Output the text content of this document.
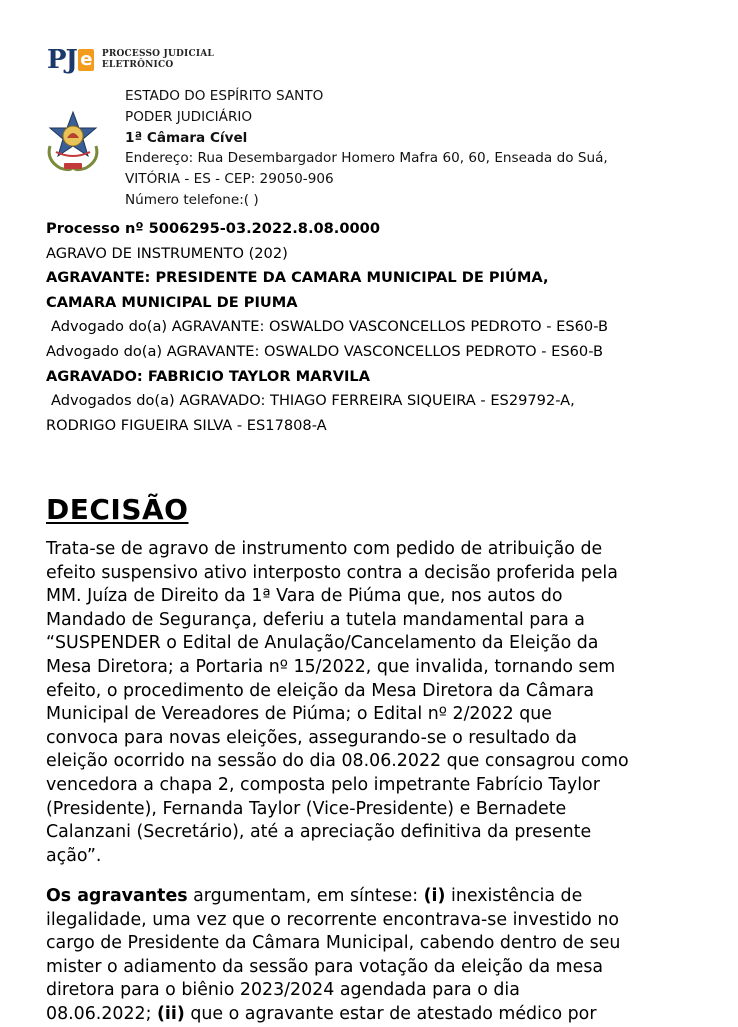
PJ e PROCESSO JUDICIAL
ELETRÔNICO
ESTADO DO ESPÍRITO SANTO
PODER JUDICIÁRIO
1ª Câmara Cível
Endereço: Rua Desembargador Homero Mafra 60, 60, Enseada do Suá,
VITÓRIA - ES - CEP: 29050-906
Número telefone:( )
Processo nº 5006295-03.2022.8.08.0000
AGRAVO DE INSTRUMENTO (202)
AGRAVANTE: PRESIDENTE DA CAMARA MUNICIPAL DE PIÚMA,
CAMARA MUNICIPAL DE PIUMA
Advogado do(a) AGRAVANTE: OSWALDO VASCONCELLOS PEDROTO - ES60-B
Advogado do(a) AGRAVANTE: OSWALDO VASCONCELLOS PEDROTO - ES60-B
AGRAVADO: FABRICIO TAYLOR MARVILA
Advogados do(a) AGRAVADO: THIAGO FERREIRA SIQUEIRA - ES29792-A,
RODRIGO FIGUEIRA SILVA - ES17808-A
DECISÃO
Trata-se de agravo de instrumento com pedido de atribuição de
efeito suspensivo ativo interposto contra a decisão proferida pela
MM. Juíza de Direito da 1ª Vara de Piúma que, nos autos do
Mandado de Segurança, deferiu a tutela mandamental para a
“SUSPENDER o Edital de Anulação/Cancelamento da Eleição da
Mesa Diretora; a Portaria nº 15/2022, que invalida, tornando sem
efeito, o procedimento de eleição da Mesa Diretora da Câmara
Municipal de Vereadores de Piúma; o Edital nº 2/2022 que
convoca para novas eleições, assegurando-se o resultado da
eleição ocorrido na sessão do dia 08.06.2022 que consagrou como
vencedora a chapa 2, composta pelo impetrante Fabrício Taylor
(Presidente), Fernanda Taylor (Vice-Presidente) e Bernadete
Calanzani (Secretário), até a apreciação definitiva da presente
ação”.
Os agravantes argumentam, em síntese: (i) inexistência de
ilegalidade, uma vez que o recorrente encontrava-se investido no
cargo de Presidente da Câmara Municipal, cabendo dentro de seu
mister o adiamento da sessão para votação da eleição da mesa
diretora para o biênio 2023/2024 agendada para o dia
08.06.2022; (ii) que o agravante estar de atestado médico por
